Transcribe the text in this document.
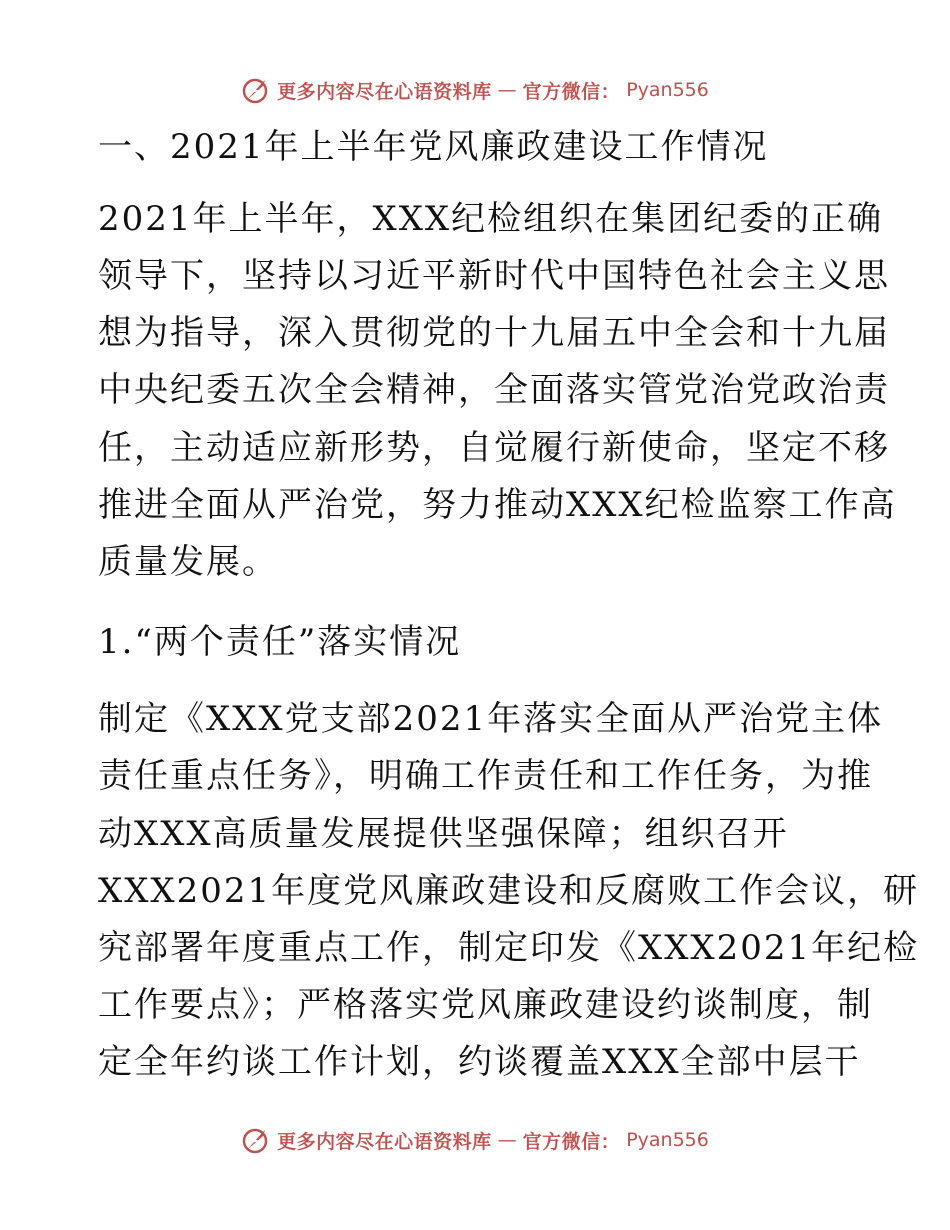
更多内容尽在心语资料库 — 官方微信： Pyan556
一、2021年上半年党风廉政建设工作情况
2021年上半年，XXX纪检组织在集团纪委的正确
领导下，坚持以习近平新时代中国特色社会主义思
想为指导，深入贯彻党的十九届五中全会和十九届
中央纪委五次全会精神，全面落实管党治党政治责
任，主动适应新形势，自觉履行新使命，坚定不移
推进全面从严治党，努力推动XXX纪检监察工作高
质量发展。
1.“两个责任”落实情况
制定《XXX党支部2021年落实全面从严治党主体
责任重点任务》，明确工作责任和工作任务，为推
动XXX高质量发展提供坚强保障；组织召开
XXX2021年度党风廉政建设和反腐败工作会议，研
究部署年度重点工作，制定印发《XXX2021年纪检
工作要点》；严格落实党风廉政建设约谈制度，制
定全年约谈工作计划，约谈覆盖XXX全部中层干
更多内容尽在心语资料库 — 官方微信： Pyan556
